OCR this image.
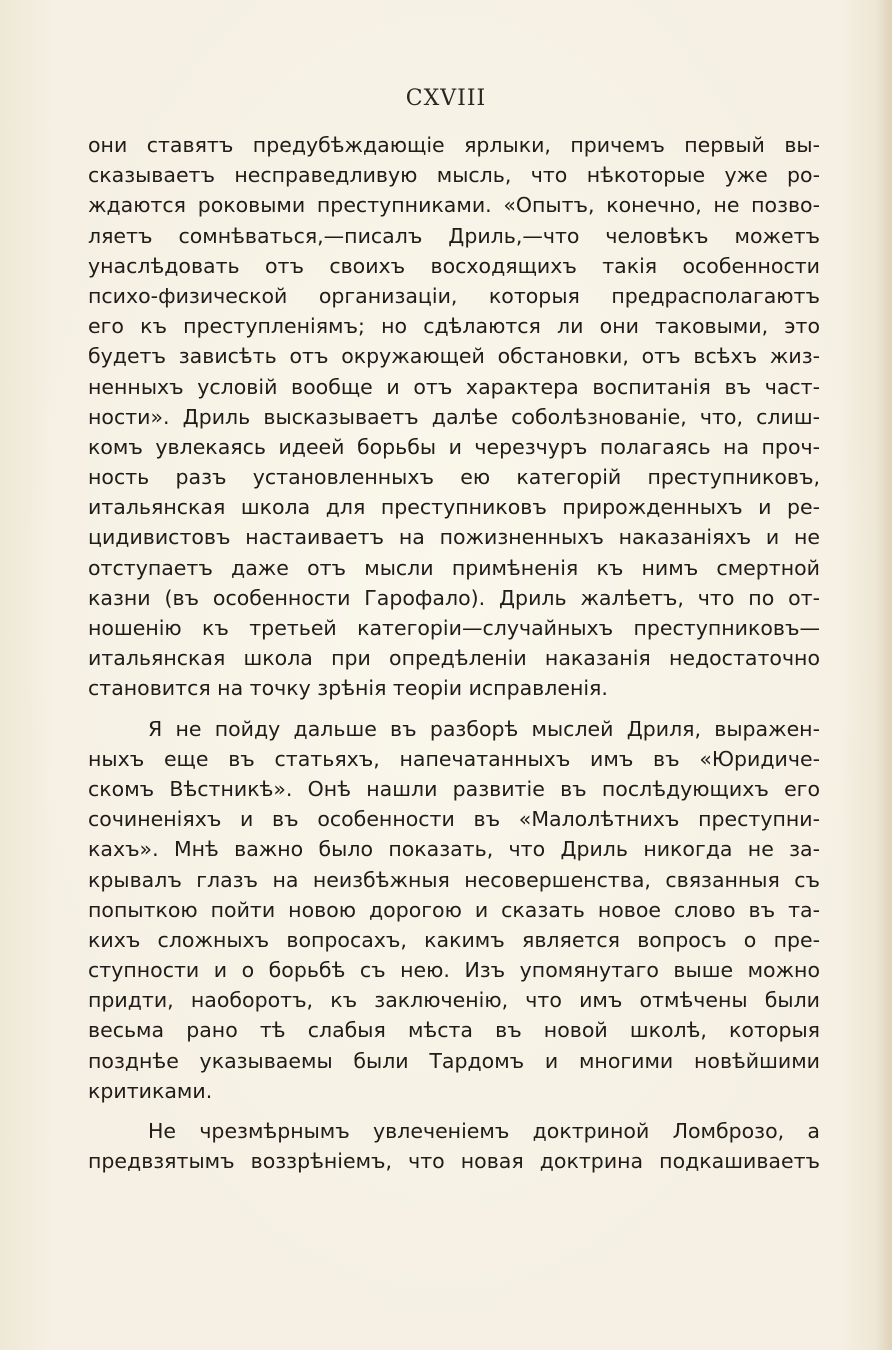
CXVIII

они ставятъ предубѣждающіе ярлыки, причемъ первый вы-
сказываетъ несправедливую мысль, что нѣкоторые уже ро-
ждаются роковыми преступниками. «Опытъ, конечно, не позво-
ляетъ сомнѣваться,—писалъ Дриль,—что человѣкъ можетъ
унаслѣдовать отъ своихъ восходящихъ такія особенности
психо-физической организаціи, которыя предрасполагаютъ
его къ преступленіямъ; но сдѣлаются ли они таковыми, это
будетъ зависѣть отъ окружающей обстановки, отъ всѣхъ жиз-
ненныхъ условій вообще и отъ характера воспитанія въ част-
ности». Дриль высказываетъ далѣе соболѣзнованіе, что, слиш-
комъ увлекаясь идеей борьбы и черезчуръ полагаясь на проч-
ность разъ установленныхъ ею категорій преступниковъ,
итальянская школа для преступниковъ прирожденныхъ и ре-
цидивистовъ настаиваетъ на пожизненныхъ наказаніяхъ и не
отступаетъ даже отъ мысли примѣненія къ нимъ смертной
казни (въ особенности Гарофало). Дриль жалѣетъ, что по от-
ношенію къ третьей категоріи—случайныхъ преступниковъ—
итальянская школа при опредѣленіи наказанія недостаточно
становится на точку зрѣнія теоріи исправленія.
Я не пойду дальше въ разборѣ мыслей Дриля, выражен-
ныхъ еще въ статьяхъ, напечатанныхъ имъ въ «Юридиче-
скомъ Вѣстникѣ». Онѣ нашли развитіе въ послѣдующихъ его
сочиненіяхъ и въ особенности въ «Малолѣтнихъ преступни-
кахъ». Мнѣ важно было показать, что Дриль никогда не за-
крывалъ глазъ на неизбѣжныя несовершенства, связанныя съ
попыткою пойти новою дорогою и сказать новое слово въ та-
кихъ сложныхъ вопросахъ, какимъ является вопросъ о пре-
ступности и о борьбѣ съ нею. Изъ упомянутаго выше можно
придти, наоборотъ, къ заключенію, что имъ отмѣчены были
весьма рано тѣ слабыя мѣста въ новой школѣ, которыя
позднѣе указываемы были Тардомъ и многими новѣйшими
критиками.
Не чрезмѣрнымъ увлеченіемъ доктриной Ломброзо, а
предвзятымъ воззрѣніемъ, что новая доктрина подкашиваетъ
